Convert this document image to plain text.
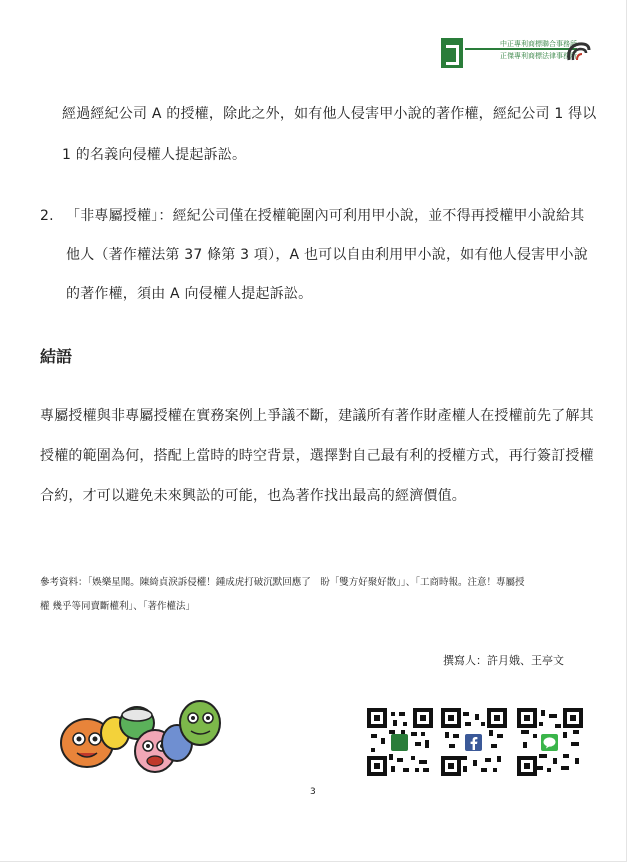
中正專利商標聯合事務所
正傑專利商標法律事務所
經過經紀公司 A 的授權，除此之外，如有他人侵害甲小說的著作權，經紀公司 1 得以
1 的名義向侵權人提起訴訟。
2. 「非專屬授權」：經紀公司僅在授權範圍內可利用甲小說，並不得再授權甲小說給其
他人（著作權法第 37 條第 3 項），A 也可以自由利用甲小說，如有他人侵害甲小說
的著作權，須由 A 向侵權人提起訴訟。
結語
專屬授權與非專屬授權在實務案例上爭議不斷，建議所有著作財產權人在授權前先了解其
授權的範圍為何，搭配上當時的時空背景，選擇對自己最有利的授權方式，再行簽訂授權
合約，才可以避免未來興訟的可能，也為著作找出最高的經濟價值。
參考資料：「娛樂星聞。陳綺貞淚訴侵權！鍾成虎打破沉默回應了　盼「雙方好聚好散」」、「工商時報。注意！專屬授
權 幾乎等同賣斷權利」、「著作權法」
撰寫人：許月娥、王亭文
3
